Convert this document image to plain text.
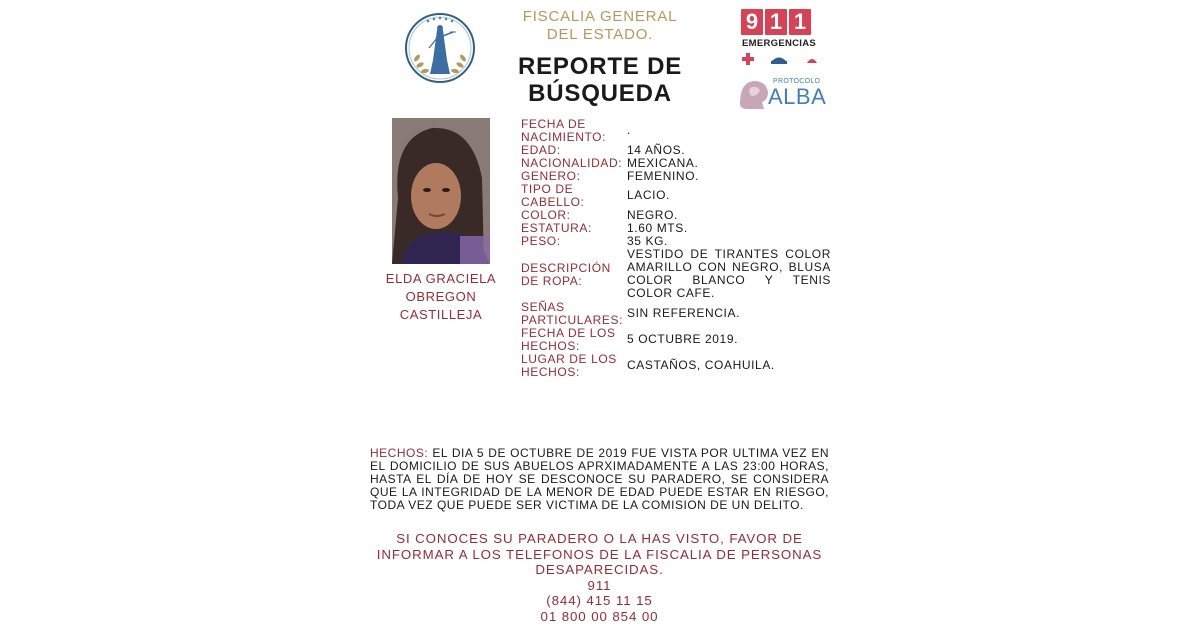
FISCALIA GENERAL DEL ESTADO.
REPORTE DE BÚSQUEDA
9 1 1
EMERGENCIAS
PROTOCOLO
ALBA
ELDA GRACIELA OBREGON CASTILLEJA
FECHA DE NACIMIENTO:	.
EDAD:	14 AÑOS.
NACIONALIDAD: MEXICANA.
GENERO:	FEMENINO.
TIPO DE CABELLO:	LACIO.
COLOR:	NEGRO.
ESTATURA:	1.60 MTS.
PESO:	35 KG.
DESCRIPCIÓN DE ROPA:
VESTIDO DE TIRANTES COLOR AMARILLO CON NEGRO, BLUSA COLOR BLANCO Y TENIS COLOR CAFE.
SEÑAS PARTICULARES: SIN REFERENCIA.
FECHA DE LOS HECHOS:	5 OCTUBRE 2019.
LUGAR DE LOS HECHOS:	CASTAÑOS, COAHUILA.
HECHOS: EL DIA 5 DE OCTUBRE DE 2019 FUE VISTA POR ULTIMA VEZ EN EL DOMICILIO DE SUS ABUELOS APRXIMADAMENTE A LAS 23:00 HORAS, HASTA EL DÍA DE HOY SE DESCONOCE SU PARADERO, SE CONSIDERA QUE LA INTEGRIDAD DE LA MENOR DE EDAD PUEDE ESTAR EN RIESGO, TODA VEZ QUE PUEDE SER VICTIMA DE LA COMISION DE UN DELITO.
SI CONOCES SU PARADERO O LA HAS VISTO, FAVOR DE INFORMAR A LOS TELEFONOS DE LA FISCALIA DE PERSONAS DESAPARECIDAS.
911
(844) 415 11 15
01 800 00 854 00
